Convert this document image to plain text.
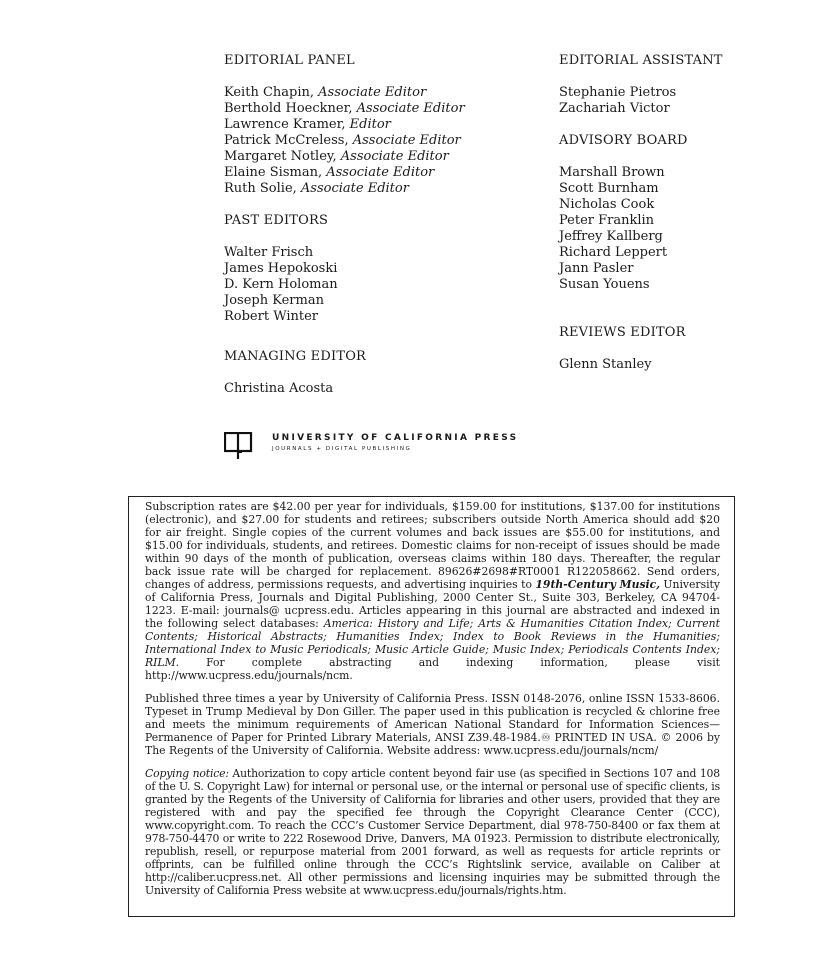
EDITORIAL PANEL

Keith Chapin, Associate Editor

Berthold Hoeckner, Associate Editor

Lawrence Kramer, Editor

Patrick McCreless, Associate Editor

Margaret Notley, Associate Editor

Elaine Sisman, Associate Editor

Ruth Solie, Associate Editor

PAST EDITORS

Walter Frisch

James Hepokoski

D. Kern Holoman

Joseph Kerman

Robert Winter

MANAGING EDITOR

Christina Acosta

EDITORIAL ASSISTANT

Stephanie Pietros

Zachariah Victor

ADVISORY BOARD

Marshall Brown

Scott Burnham

Nicholas Cook

Peter Franklin

Jeffrey Kallberg

Richard Leppert

Jann Pasler

Susan Youens

REVIEWS EDITOR

Glenn Stanley

UNIVERSITY OF CALIFORNIA PRESS
JOURNALS + DIGITAL PUBLISHING

Subscription rates are $42.00 per year for individuals, $159.00 for institutions, $137.00 for institutions (electronic), and $27.00 for students and retirees; subscribers outside North America should add $20 for air freight. Single copies of the current volumes and back issues are $55.00 for institutions, and $15.00 for individuals, students, and retirees. Domestic claims for non-receipt of issues should be made within 90 days of the month of publication, overseas claims within 180 days. Thereafter, the regular back issue rate will be charged for replacement. 89626#2698#RT0001 R122058662. Send orders, changes of address, permissions requests, and advertising inquiries to 19th-Century Music, University of California Press, Journals and Digital Publishing, 2000 Center St., Suite 303, Berkeley, CA 94704-1223. E-mail: journals@ ucpress.edu. Articles appearing in this journal are abstracted and indexed in the following select databases: America: History and Life; Arts & Humanities Citation Index; Current Contents; Historical Abstracts; Humanities Index; Index to Book Reviews in the Humanities; International Index to Music Periodicals; Music Article Guide; Music Index; Periodicals Contents Index; RILM. For complete abstracting and indexing information, please visit http://www.ucpress.edu/journals/ncm.

Published three times a year by University of California Press. ISSN 0148-2076, online ISSN 1533-8606. Typeset in Trump Medieval by Don Giller. The paper used in this publication is recycled & chlorine free and meets the minimum requirements of American National Standard for Information Sciences—Permanence of Paper for Printed Library Materials, ANSI Z39.48-1984.♾ PRINTED IN USA. © 2006 by The Regents of the University of California. Website address: www.ucpress.edu/journals/ncm/

Copying notice: Authorization to copy article content beyond fair use (as specified in Sections 107 and 108 of the U. S. Copyright Law) for internal or personal use, or the internal or personal use of specific clients, is granted by the Regents of the University of California for libraries and other users, provided that they are registered with and pay the specified fee through the Copyright Clearance Center (CCC), www.copyright.com. To reach the CCC’s Customer Service Department, dial 978-750-8400 or fax them at 978-750-4470 or write to 222 Rosewood Drive, Danvers, MA 01923. Permission to distribute electronically, republish, resell, or repurpose material from 2001 forward, as well as requests for article reprints or offprints, can be fulfilled online through the CCC’s Rightslink service, available on Caliber at http://caliber.ucpress.net. All other permissions and licensing inquiries may be submitted through the University of California Press website at www.ucpress.edu/journals/rights.htm.
